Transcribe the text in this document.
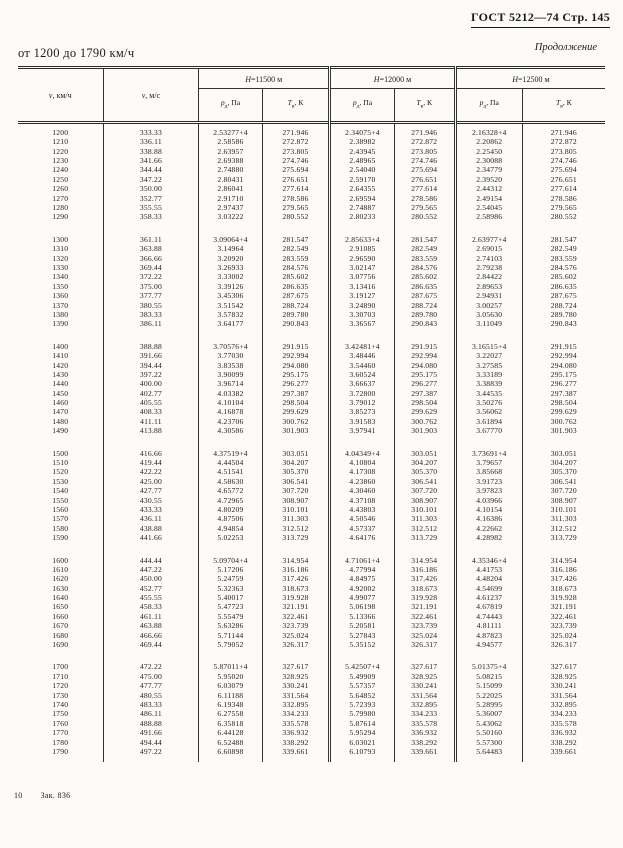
ГОСТ 5212—74 Стр. 145
Продолжение
от 1200 до 1790 км/ч
v, км/ч	v, м/с	H=11500 м		H=12000 м		H=12500 м	
		$p_д$, Па	$T_в$, К	$p_д$, Па	$T_в$, К	$p_д$, Па	$T_в$, К

1200	333.33	2.53277+4	271.946	2.34075+4	271.946	2.16328+4	271.946
1210	336.11	2.58586	272.872	2.38982	272.872	2.20862	272.872
1220	338.88	2.63957	273.805	2.43945	273.805	2.25450	273.805
1230	341.66	2.69388	274.746	2.48965	274.746	2.30088	274.746
1240	344.44	2.74880	275.694	2.54040	275.694	2.34779	275.694
1250	347.22	2.80431	276.651	2.59170	276.651	2.39520	276.651
1260	350.00	2.86041	277.614	2.64355	277.614	2.44312	277.614
1270	352.77	2.91710	278.586	2.69594	278.586	2.49154	278.586
1280	355.55	2.97437	279.565	2.74887	279.565	2.54045	279.565
1290	358.33	3.03222	280.552	2.80233	280.552	2.58986	280.552

1300	361.11	3.09064+4	281.547	2.85633+4	281.547	2.63977+4	281.547
1310	363.88	3.14964	282.549	2.91085	282.549	2.69015	282.549
1320	366.66	3.20920	283.559	2.96590	283.559	2.74103	283.559
1330	369.44	3.26933	284.576	3.02147	284.576	2.79238	284.576
1340	372.22	3.33002	285.602	3.07756	285.602	2.84422	285.602
1350	375.00	3.39126	286.635	3.13416	286.635	2.89653	286.635
1360	377.77	3.45306	287.675	3.19127	287.675	2.94931	287.675
1370	380.55	3.51542	288.724	3.24890	288.724	3.00257	288.724
1380	383.33	3.57832	289.780	3.30703	289.780	3.05630	289.780
1390	386.11	3.64177	290.843	3.36567	290.843	3.11049	290.843

1400	388.88	3.70576+4	291.915	3.42481+4	291.915	3.16515+4	291.915
1410	391.66	3.77030	292.994	3.48446	292.994	3.22027	292.994
1420	394.44	3.83538	294.080	3.54460	294.080	3.27585	294.080
1430	397.22	3.90099	295.175	3.60524	295.175	3.33189	295.175
1440	400.00	3.96714	296.277	3.66637	296.277	3.38839	296.277
1450	402.77	4.03382	297.387	3.72800	297.387	3.44535	297.387
1460	405.55	4.10104	298.504	3.79012	298.504	3.50276	298.504
1470	408.33	4.16878	299.629	3.85273	299.629	3.56062	299.629
1480	411.11	4.23706	300.762	3.91583	300.762	3.61894	300.762
1490	413.88	4.30586	301.903	3.97941	301.903	3.67770	301.903

1500	416.66	4.37519+4	303.051	4.04349+4	303.051	3.73691+4	303.051
1510	419.44	4.44504	304.207	4.10804	304.207	3.79657	304.207
1520	422.22	4.51541	305.370	4.17308	305.370	3.85668	305.370
1530	425.00	4.58630	306.541	4.23860	306.541	3.91723	306.541
1540	427.77	4.65772	307.720	4.30460	307.720	3.97823	307.720
1550	430.55	4.72965	308.907	4.37108	308.907	4.03966	308.907
1560	433.33	4.80209	310.101	4.43803	310.101	4.10154	310.101
1570	436.11	4.87506	311.303	4.50546	311.303	4.16386	311.303
1580	438.88	4.94854	312.512	4.57337	312.512	4.22662	312.512
1590	441.66	5.02253	313.729	4.64176	313.729	4.28982	313.729

1600	444.44	5.09704+4	314.954	4.71061+4	314.954	4.35346+4	314.954
1610	447.22	5.17206	316.186	4.77994	316.186	4.41753	316.186
1620	450.00	5.24759	317.426	4.84975	317.426	4.48204	317.426
1630	452.77	5.32363	318.673	4.92002	318.673	4.54699	318.673
1640	455.55	5.40017	319.928	4.99077	319.928	4.61237	319.928
1650	458.33	5.47723	321.191	5.06198	321.191	4.67819	321.191
1660	461.11	5.55479	322.461	5.13366	322.461	4.74443	322.461
1670	463.88	5.63286	323.739	5.20581	323.739	4.81111	323.739
1680	466.66	5.71144	325.024	5.27843	325.024	4.87823	325.024
1690	469.44	5.79052	326.317	5.35152	326.317	4.94577	326.317

1700	472.22	5.87011+4	327.617	5.42507+4	327.617	5.01375+4	327.617
1710	475.00	5.95020	328.925	5.49909	328.925	5.08215	328.925
1720	477.77	6.03079	330.241	5.57357	330.241	5.15099	330.241
1730	480.55	6.11188	331.564	5.64852	331.564	5.22025	331.564
1740	483.33	6.19348	332.895	5.72393	332.895	5.28995	332.895
1750	486.11	6.27558	334.233	5.79980	334.233	5.36007	334.233
1760	488.88	6.35818	335.578	5.87614	335.578	5.43062	335.578
1770	491.66	6.44128	336.932	5.95294	336.932	5.50160	336.932
1780	494.44	6.52488	338.292	6.03021	338.292	5.57300	338.292
1790	497.22	6.60898	339.661	6.10793	339.661	5.64483	339.661

10 Зак. 836
